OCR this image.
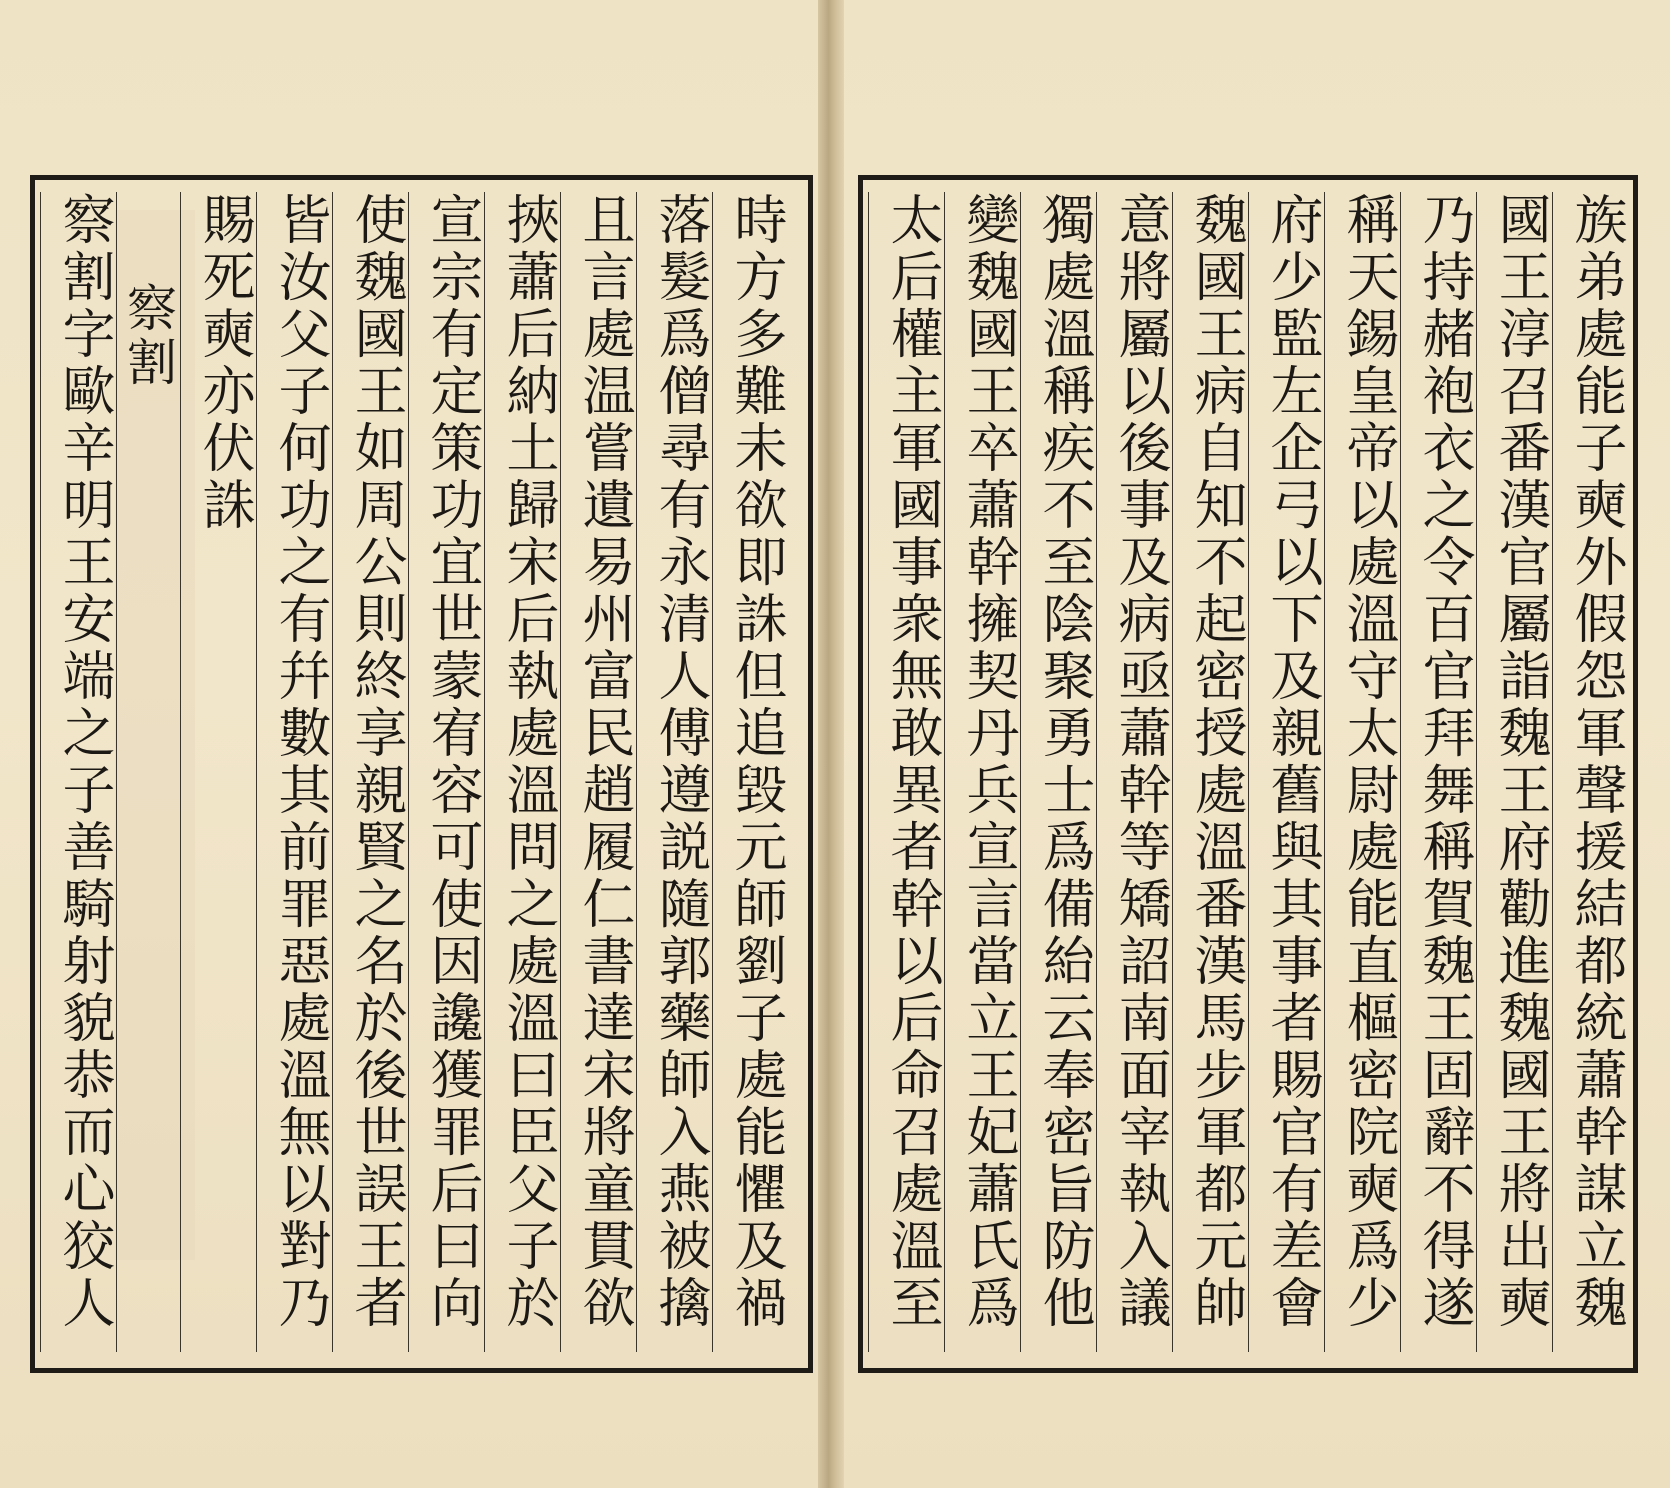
時方多難未欲即誅但追毀元師劉子處能懼及禍
落髮爲僧尋有永清人傅遵説隨郭藥師入燕被擒
且言處温嘗遺易州富民趙履仁書達宋將童貫欲
挾蕭后納土歸宋后執處溫問之處溫曰臣父子於
宣宗有定策功宜世蒙宥容可使因讒獲罪后曰向
使魏國王如周公則終享親賢之名於後世誤王者
皆汝父子何功之有幷數其前罪惡處溫無以對乃
賜死奭亦伏誅
察割
察割字歐辛明王安端之子善騎射貌恭而心狡人	族弟處能子奭外假怨軍聲援結都統蕭幹謀立魏
國王淳召番漢官屬詣魏王府勸進魏國王將出奭
乃持赭袍衣之令百官拜舞稱賀魏王固辭不得遂
稱天錫皇帝以處溫守太尉處能直樞密院奭爲少
府少監左企弓以下及親舊與其事者賜官有差會
魏國王病自知不起密授處溫番漢馬步軍都元帥
意將屬以後事及病亟蕭幹等矯詔南面宰執入議
獨處溫稱疾不至陰聚勇士爲備紿云奉密旨防他
變魏國王卒蕭幹擁契丹兵宣言當立王妃蕭氏爲
太后權主軍國事衆無敢異者幹以后命召處溫至
